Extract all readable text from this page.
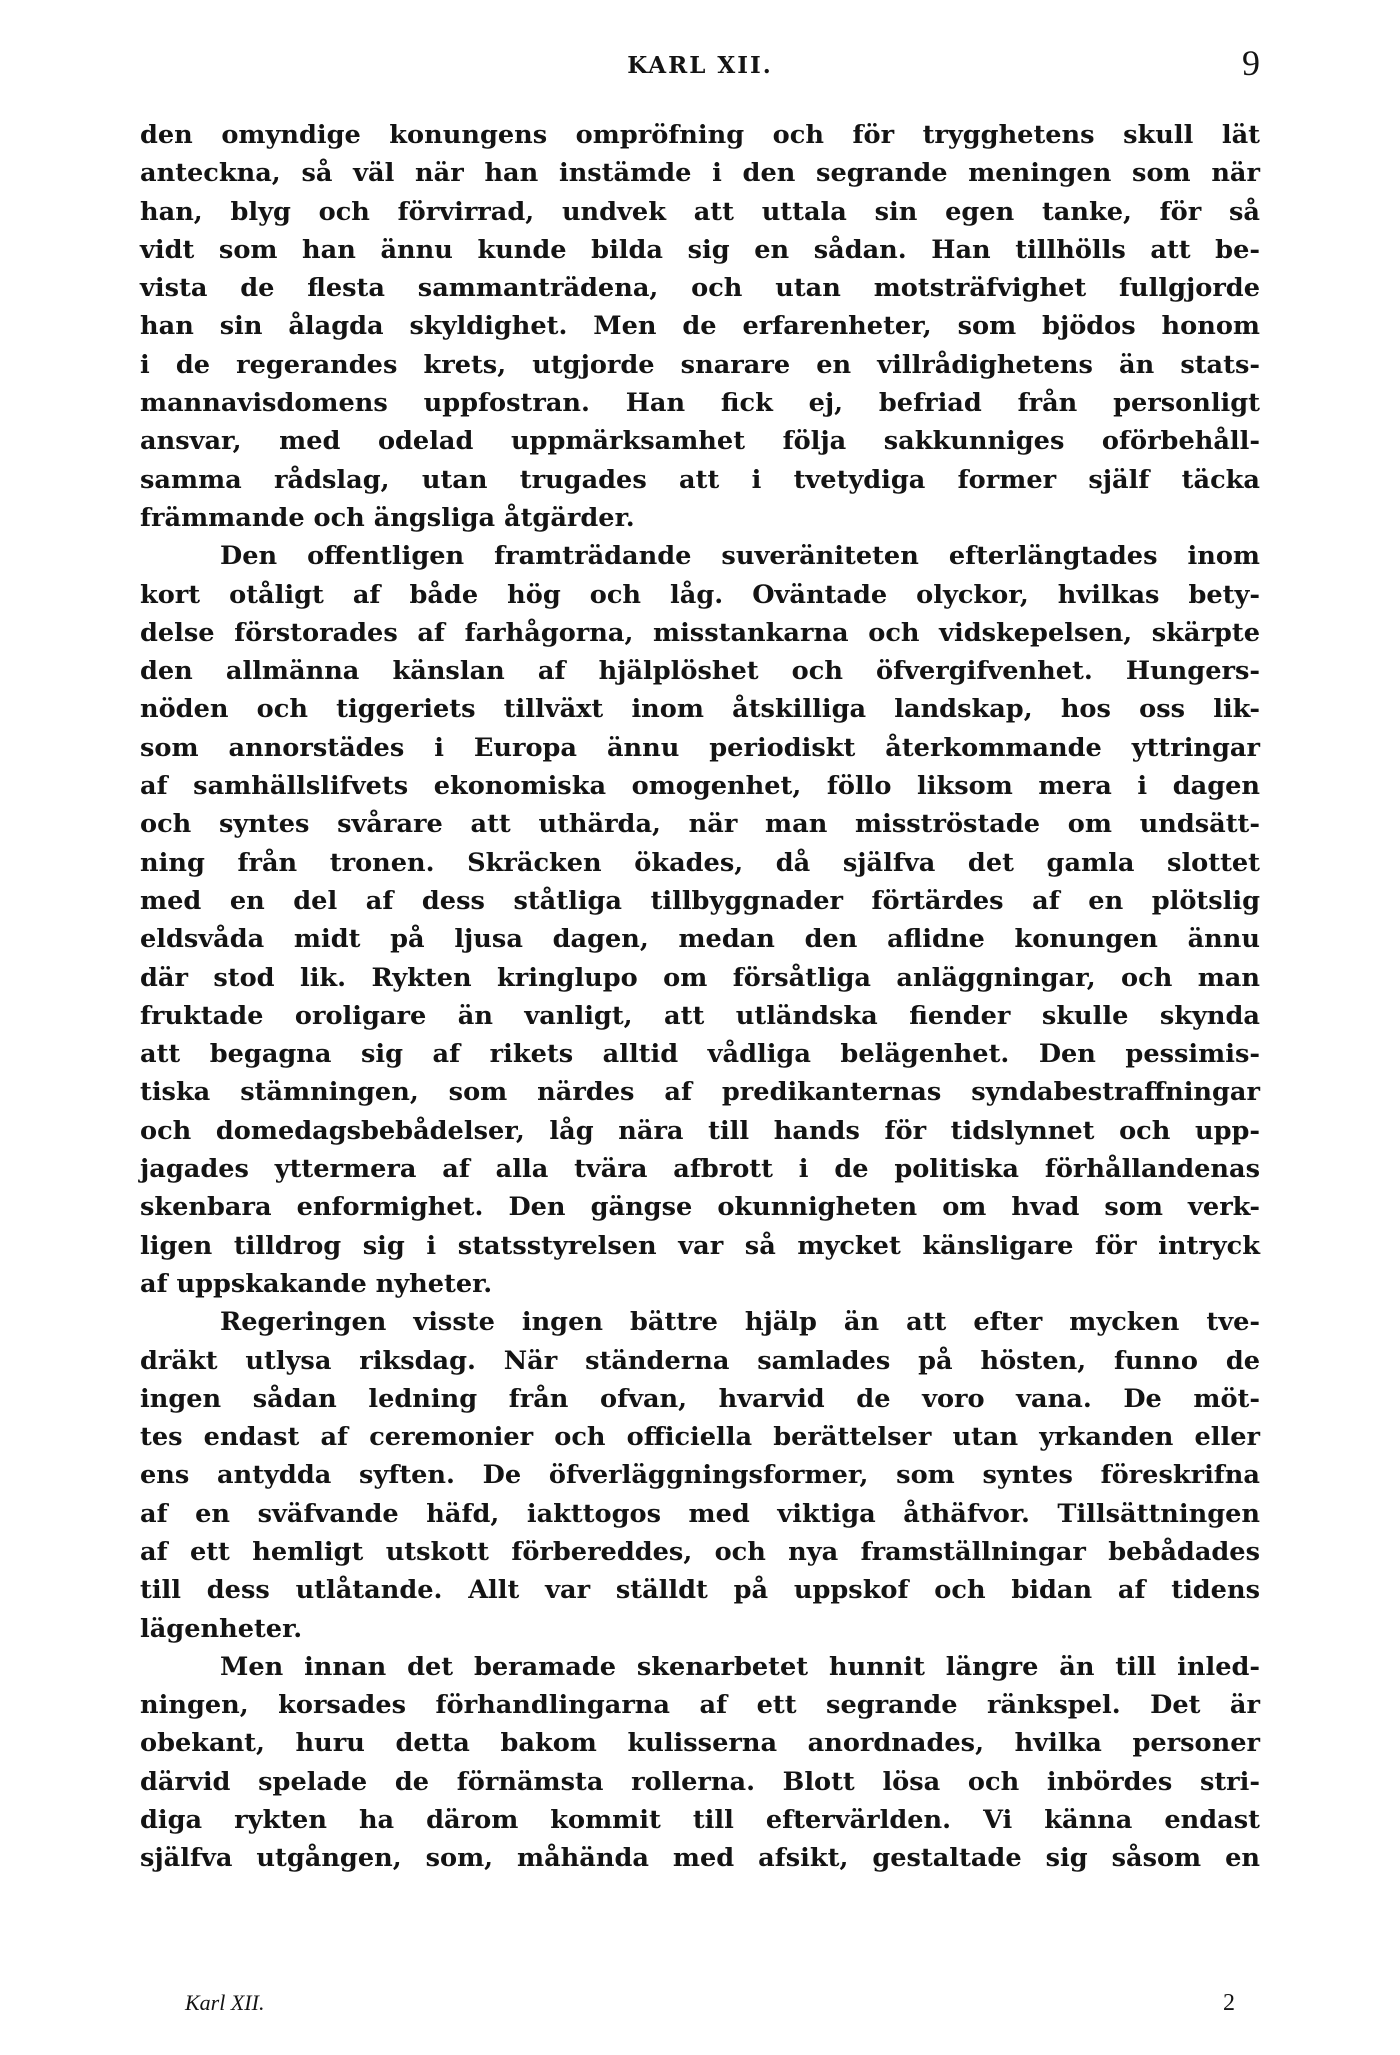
KARL XII.	9

den omyndige konungens ompröfning och för trygghetens skull lät
anteckna, så väl när han instämde i den segrande meningen som när
han, blyg och förvirrad, undvek att uttala sin egen tanke, för så
vidt som han ännu kunde bilda sig en sådan. Han tillhölls att be-
vista de flesta sammanträdena, och utan motsträfvighet fullgjorde
han sin ålagda skyldighet. Men de erfarenheter, som bjödos honom
i de regerandes krets, utgjorde snarare en villrådighetens än stats-
mannavisdomens uppfostran. Han fick ej, befriad från personligt
ansvar, med odelad uppmärksamhet följa sakkunniges oförbehåll-
samma rådslag, utan trugades att i tvetydiga former själf täcka
främmande och ängsliga åtgärder.

Den offentligen framträdande suveräniteten efterlängtades inom
kort otåligt af både hög och låg. Oväntade olyckor, hvilkas bety-
delse förstorades af farhågorna, misstankarna och vidskepelsen, skärpte
den allmänna känslan af hjälplöshet och öfvergifvenhet. Hungers-
nöden och tiggeriets tillväxt inom åtskilliga landskap, hos oss lik-
som annorstädes i Europa ännu periodiskt återkommande yttringar
af samhällslifvets ekonomiska omogenhet, föllo liksom mera i dagen
och syntes svårare att uthärda, när man misströstade om undsätt-
ning från tronen. Skräcken ökades, då själfva det gamla slottet
med en del af dess ståtliga tillbyggnader förtärdes af en plötslig
eldsvåda midt på ljusa dagen, medan den aflidne konungen ännu
där stod lik. Rykten kringlupo om försåtliga anläggningar, och man
fruktade oroligare än vanligt, att utländska fiender skulle skynda
att begagna sig af rikets alltid vådliga belägenhet. Den pessimis-
tiska stämningen, som närdes af predikanternas syndabestraffningar
och domedagsbebådelser, låg nära till hands för tidslynnet och upp-
jagades yttermera af alla tvära afbrott i de politiska förhållandenas
skenbara enformighet. Den gängse okunnigheten om hvad som verk-
ligen tilldrog sig i statsstyrelsen var så mycket känsligare för intryck
af uppskakande nyheter.

Regeringen visste ingen bättre hjälp än att efter mycken tve-
dräkt utlysa riksdag. När ständerna samlades på hösten, funno de
ingen sådan ledning från ofvan, hvarvid de voro vana. De möt-
tes endast af ceremonier och officiella berättelser utan yrkanden eller
ens antydda syften. De öfverläggningsformer, som syntes föreskrifna
af en sväfvande häfd, iakttogos med viktiga åthäfvor. Tillsättningen
af ett hemligt utskott förbereddes, och nya framställningar bebådades
till dess utlåtande. Allt var ställdt på uppskof och bidan af tidens
lägenheter.

Men innan det beramade skenarbetet hunnit längre än till inled-
ningen, korsades förhandlingarna af ett segrande ränkspel. Det är
obekant, huru detta bakom kulisserna anordnades, hvilka personer
därvid spelade de förnämsta rollerna. Blott lösa och inbördes stri-
diga rykten ha därom kommit till eftervärlden. Vi känna endast
själfva utgången, som, måhända med afsikt, gestaltade sig såsom en

Karl XII.	2
